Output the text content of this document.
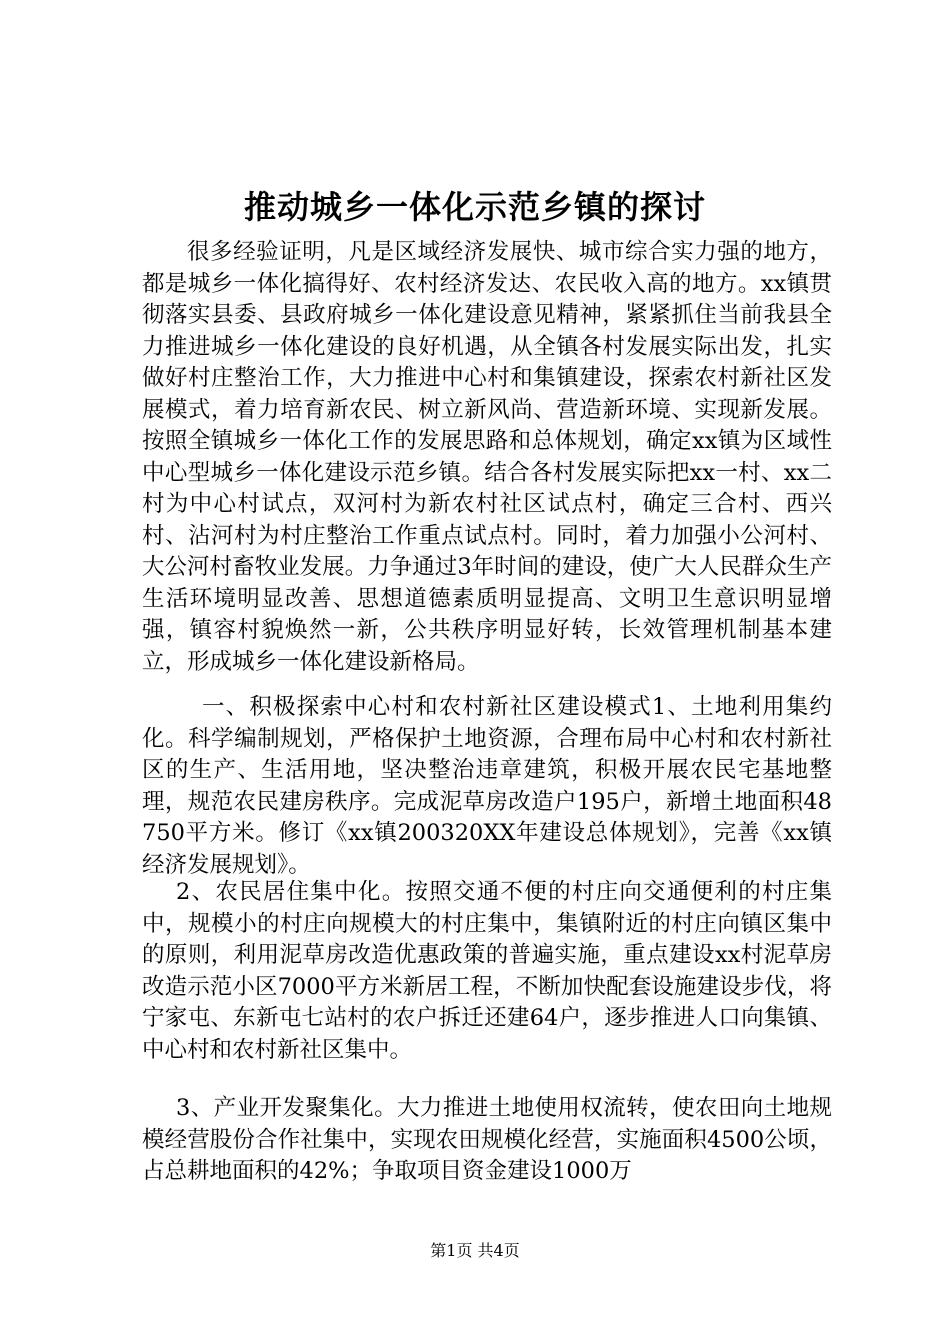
推动城乡一体化示范乡镇的探讨

很多经验证明，凡是区域经济发展快、城市综合实力强的地方，都是城乡一体化搞得好、农村经济发达、农民收入高的地方。xx镇贯彻落实县委、县政府城乡一体化建设意见精神，紧紧抓住当前我县全力推进城乡一体化建设的良好机遇，从全镇各村发展实际出发，扎实做好村庄整治工作，大力推进中心村和集镇建设，探索农村新社区发展模式，着力培育新农民、树立新风尚、营造新环境、实现新发展。按照全镇城乡一体化工作的发展思路和总体规划，确定xx镇为区域性中心型城乡一体化建设示范乡镇。结合各村发展实际把xx一村、xx二村为中心村试点，双河村为新农村社区试点村，确定三合村、西兴村、沾河村为村庄整治工作重点试点村。同时，着力加强小公河村、大公河村畜牧业发展。力争通过3年时间的建设，使广大人民群众生产生活环境明显改善、思想道德素质明显提高、文明卫生意识明显增强，镇容村貌焕然一新，公共秩序明显好转，长效管理机制基本建立，形成城乡一体化建设新格局。

一、积极探索中心村和农村新社区建设模式1、土地利用集约化。科学编制规划，严格保护土地资源，合理布局中心村和农村新社区的生产、生活用地，坚决整治违章建筑，积极开展农民宅基地整理，规范农民建房秩序。完成泥草房改造户195户，新增土地面积48750平方米。修订《xx镇200320XX年建设总体规划》，完善《xx镇经济发展规划》。

2、农民居住集中化。按照交通不便的村庄向交通便利的村庄集中，规模小的村庄向规模大的村庄集中，集镇附近的村庄向镇区集中的原则，利用泥草房改造优惠政策的普遍实施，重点建设xx村泥草房改造示范小区7000平方米新居工程，不断加快配套设施建设步伐，将宁家屯、东新屯七站村的农户拆迁还建64户，逐步推进人口向集镇、中心村和农村新社区集中。

3、产业开发聚集化。大力推进土地使用权流转，使农田向土地规模经营股份合作社集中，实现农田规模化经营，实施面积4500公顷，占总耕地面积的42%；争取项目资金建设1000万

第1页 共4页
